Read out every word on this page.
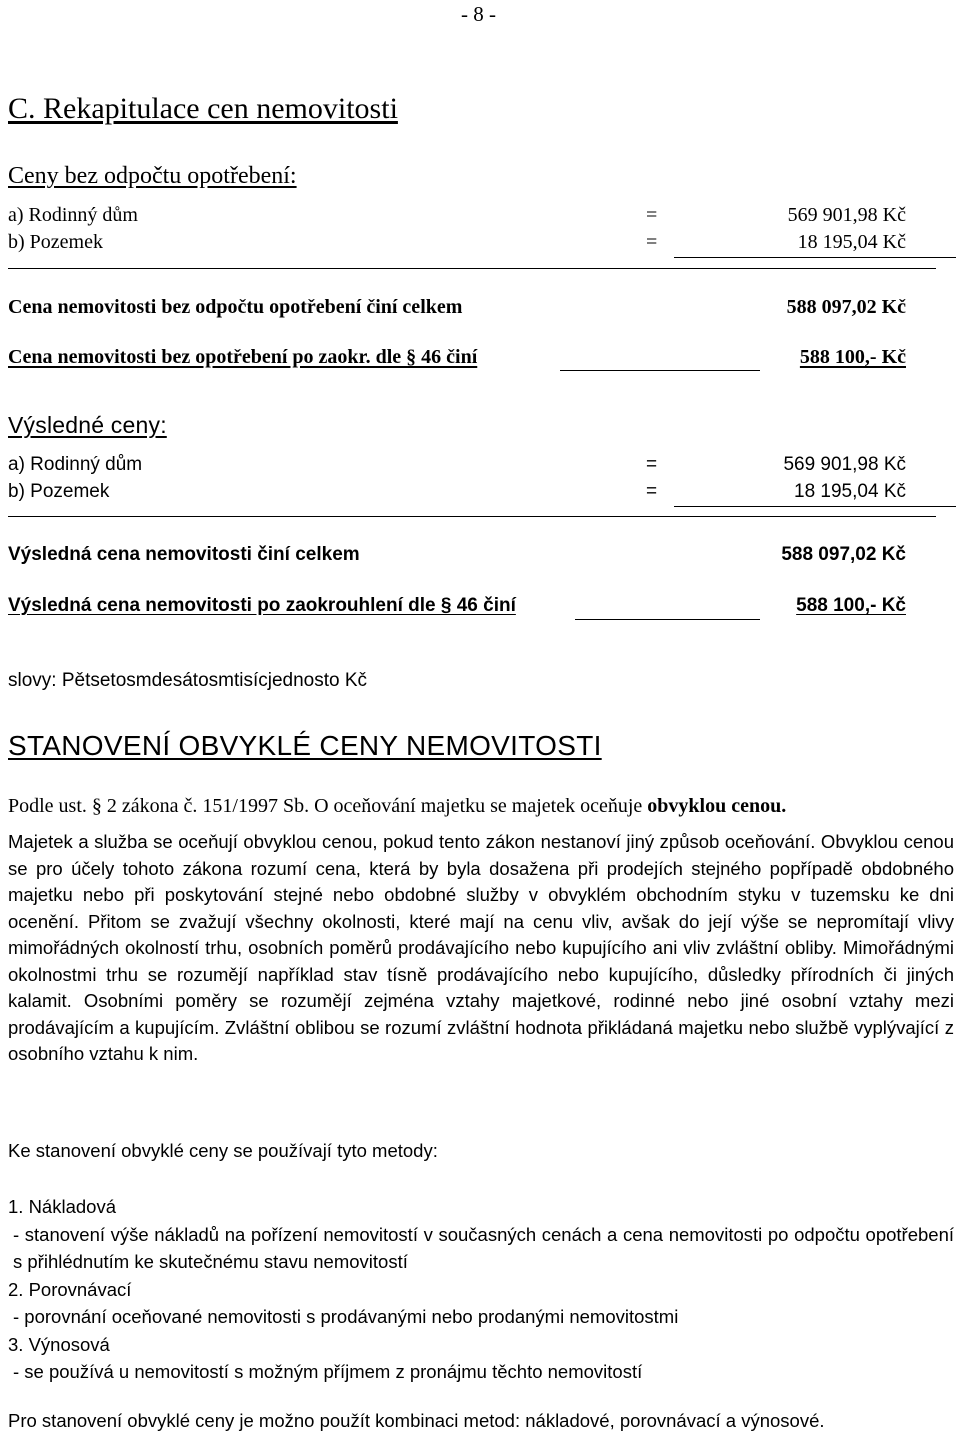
- 8 -
C. Rekapitulace cen nemovitosti
Ceny bez odpočtu opotřebení:
a) Rodinný dům	=	569 901,98 Kč
b) Pozemek	=	18 195,04 Kč
Cena nemovitosti bez odpočtu opotřebení činí celkem	588 097,02 Kč
Cena nemovitosti bez opotřebení po zaokr. dle § 46 činí	588 100,- Kč
Výsledné ceny:
a) Rodinný dům	=	569 901,98 Kč
b) Pozemek	=	18 195,04 Kč
Výsledná cena nemovitosti činí celkem	588 097,02 Kč
Výsledná cena nemovitosti po zaokrouhlení dle § 46 činí	588 100,- Kč
slovy: Pětsetosmdesátosmtisícjednosto Kč
STANOVENÍ OBVYKLÉ CENY NEMOVITOSTI
Podle ust. § 2 zákona č. 151/1997 Sb. O oceňování majetku se majetek oceňuje obvyklou cenou.
Majetek a služba se oceňují obvyklou cenou, pokud tento zákon nestanoví jiný způsob oceňování. Obvyklou cenou se pro účely tohoto zákona rozumí cena, která by byla dosažena při prodejích stejného popřípadě obdobného majetku nebo při poskytování stejné nebo obdobné služby v obvyklém obchodním styku v tuzemsku ke dni ocenění. Přitom se zvažují všechny okolnosti, které mají na cenu vliv, avšak do její výše se nepromítají vlivy mimořádných okolností trhu, osobních poměrů prodávajícího nebo kupujícího ani vliv zvláštní obliby. Mimořádnými okolnostmi trhu se rozumějí například stav tísně prodávajícího nebo kupujícího, důsledky přírodních či jiných kalamit. Osobními poměry se rozumějí zejména vztahy majetkové, rodinné nebo jiné osobní vztahy mezi prodávajícím a kupujícím. Zvláštní oblibou se rozumí zvláštní hodnota přikládaná majetku nebo službě vyplývající z osobního vztahu k nim.
Ke stanovení obvyklé ceny se používají tyto metody:
1. Nákladová
- stanovení výše nákladů na pořízení nemovitostí v současných cenách a cena nemovitosti po odpočtu opotřebení s přihlédnutím ke skutečnému stavu nemovitostí
2. Porovnávací
- porovnání oceňované nemovitosti s prodávanými nebo prodanými nemovitostmi
3. Výnosová
- se používá u nemovitostí s možným příjmem z pronájmu těchto nemovitostí
Pro stanovení obvyklé ceny je možno použít kombinaci metod: nákladové, porovnávací a výnosové.
